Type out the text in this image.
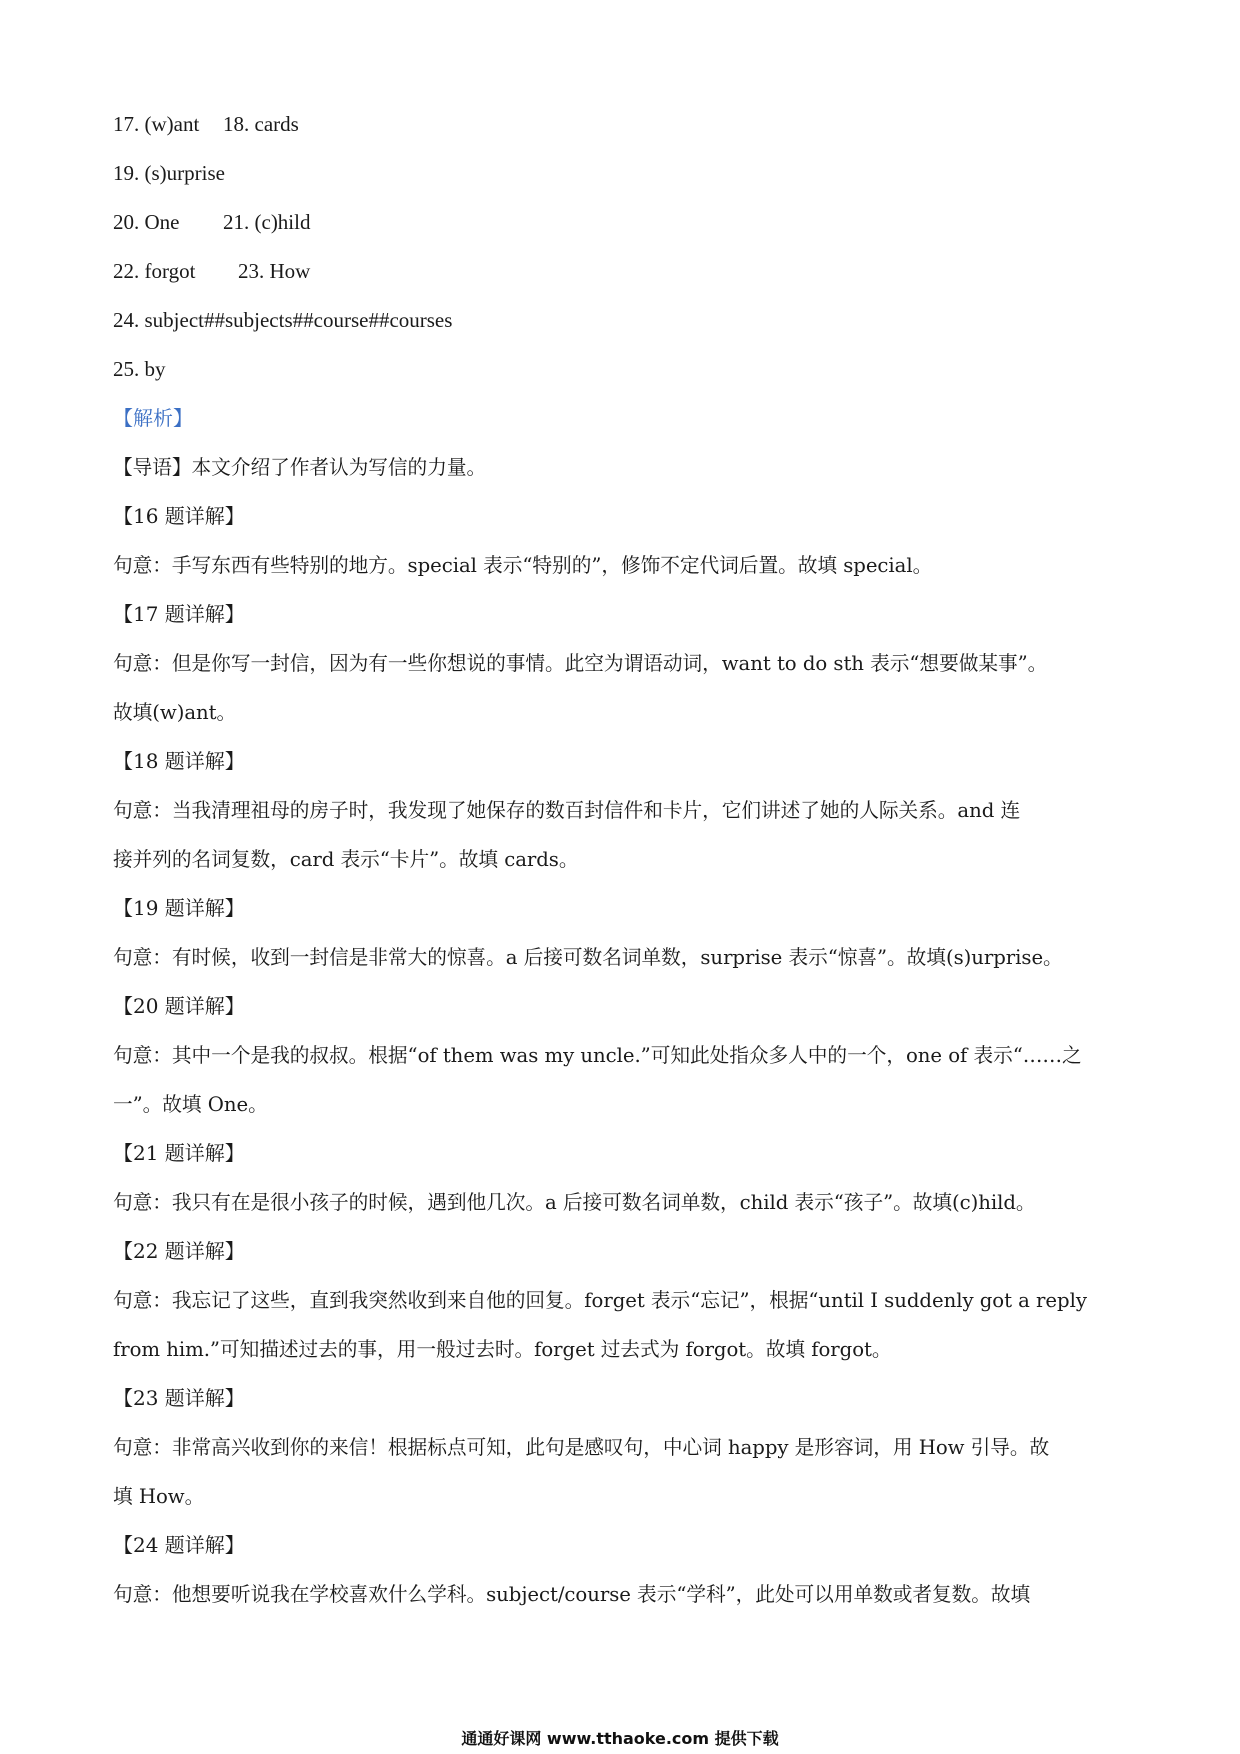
17. (w)ant 18. cards
19. (s)urprise
20. One 21. (c)hild
22. forgot 23. How
24. subject##subjects##course##courses
25. by
【解析】
【导语】本文介绍了作者认为写信的力量。
【16 题详解】
句意：手写东西有些特别的地方。special 表示“特别的”，修饰不定代词后置。故填 special。
【17 题详解】
句意：但是你写一封信，因为有一些你想说的事情。此空为谓语动词，want to do sth 表示“想要做某事”。
故填(w)ant。
【18 题详解】
句意：当我清理祖母的房子时，我发现了她保存的数百封信件和卡片，它们讲述了她的人际关系。and 连
接并列的名词复数，card 表示“卡片”。故填 cards。
【19 题详解】
句意：有时候，收到一封信是非常大的惊喜。a 后接可数名词单数，surprise 表示“惊喜”。故填(s)urprise。
【20 题详解】
句意：其中一个是我的叔叔。根据“of them was my uncle.”可知此处指众多人中的一个，one of 表示“……之
一”。故填 One。
【21 题详解】
句意：我只有在是很小孩子的时候，遇到他几次。a 后接可数名词单数，child 表示“孩子”。故填(c)hild。
【22 题详解】
句意：我忘记了这些，直到我突然收到来自他的回复。forget 表示“忘记”，根据“until I suddenly got a reply
from him.”可知描述过去的事，用一般过去时。forget 过去式为 forgot。故填 forgot。
【23 题详解】
句意：非常高兴收到你的来信！根据标点可知，此句是感叹句，中心词 happy 是形容词，用 How 引导。故
填 How。
【24 题详解】
句意：他想要听说我在学校喜欢什么学科。subject/course 表示“学科”，此处可以用单数或者复数。故填
通通好课网 www.tthaoke.com 提供下载
